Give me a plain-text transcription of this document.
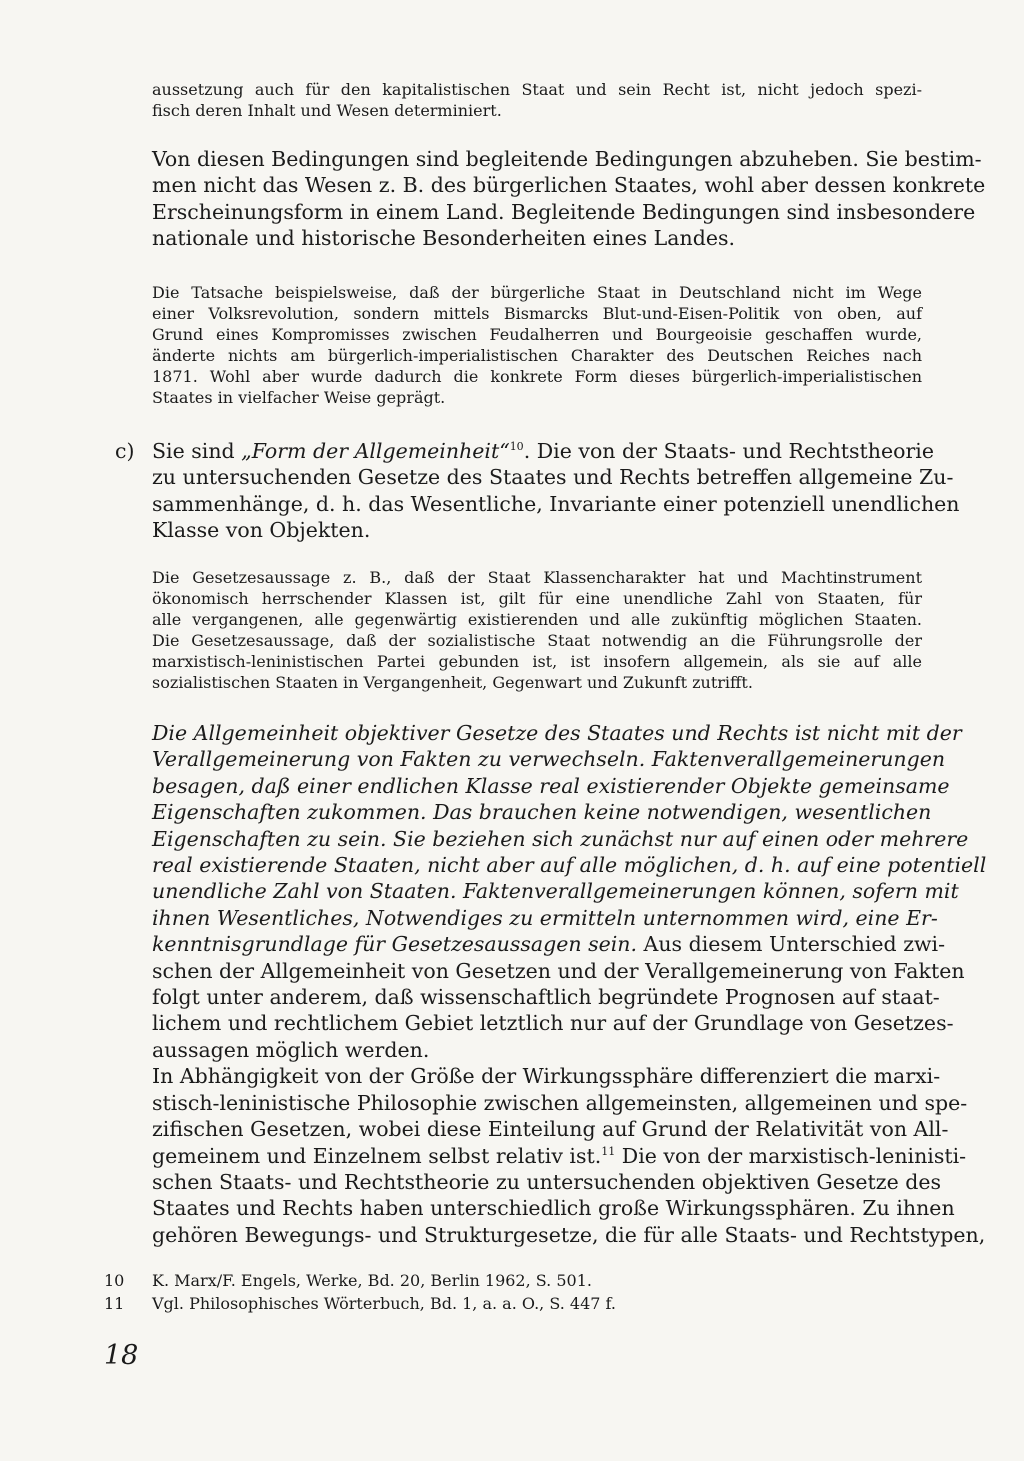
aussetzung auch für den kapitalistischen Staat und sein Recht ist, nicht jedoch spezi-
fisch deren Inhalt und Wesen determiniert.
Von diesen Bedingungen sind begleitende Bedingungen abzuheben. Sie bestim-
men nicht das Wesen z. B. des bürgerlichen Staates, wohl aber dessen konkrete
Erscheinungsform in einem Land. Begleitende Bedingungen sind insbesondere
nationale und historische Besonderheiten eines Landes.
Die Tatsache beispielsweise, daß der bürgerliche Staat in Deutschland nicht im Wege
einer Volksrevolution, sondern mittels Bismarcks Blut-und-Eisen-Politik von oben, auf
Grund eines Kompromisses zwischen Feudalherren und Bourgeoisie geschaffen wurde,
änderte nichts am bürgerlich-imperialistischen Charakter des Deutschen Reiches nach
1871. Wohl aber wurde dadurch die konkrete Form dieses bürgerlich-imperialistischen
Staates in vielfacher Weise geprägt.
c) Sie sind „Form der Allgemeinheit“$^{10}$. Die von der Staats- und Rechtstheorie
zu untersuchenden Gesetze des Staates und Rechts betreffen allgemeine Zu-
sammenhänge, d. h. das Wesentliche, Invariante einer potenziell unendlichen
Klasse von Objekten.
Die Gesetzesaussage z. B., daß der Staat Klassencharakter hat und Machtinstrument
ökonomisch herrschender Klassen ist, gilt für eine unendliche Zahl von Staaten, für
alle vergangenen, alle gegenwärtig existierenden und alle zukünftig möglichen Staaten.
Die Gesetzesaussage, daß der sozialistische Staat notwendig an die Führungsrolle der
marxistisch-leninistischen Partei gebunden ist, ist insofern allgemein, als sie auf alle
sozialistischen Staaten in Vergangenheit, Gegenwart und Zukunft zutrifft.
Die Allgemeinheit objektiver Gesetze des Staates und Rechts ist nicht mit der
Verallgemeinerung von Fakten zu verwechseln. Faktenverallgemeinerungen
besagen, daß einer endlichen Klasse real existierender Objekte gemeinsame
Eigenschaften zukommen. Das brauchen keine notwendigen, wesentlichen
Eigenschaften zu sein. Sie beziehen sich zunächst nur auf einen oder mehrere
real existierende Staaten, nicht aber auf alle möglichen, d. h. auf eine potentiell
unendliche Zahl von Staaten. Faktenverallgemeinerungen können, sofern mit
ihnen Wesentliches, Notwendiges zu ermitteln unternommen wird, eine Er-
kenntnisgrundlage für Gesetzesaussagen sein. Aus diesem Unterschied zwi-
schen der Allgemeinheit von Gesetzen und der Verallgemeinerung von Fakten
folgt unter anderem, daß wissenschaftlich begründete Prognosen auf staat-
lichem und rechtlichem Gebiet letztlich nur auf der Grundlage von Gesetzes-
aussagen möglich werden.
In Abhängigkeit von der Größe der Wirkungssphäre differenziert die marxi-
stisch-leninistische Philosophie zwischen allgemeinsten, allgemeinen und spe-
zifischen Gesetzen, wobei diese Einteilung auf Grund der Relativität von All-
gemeinem und Einzelnem selbst relativ ist.$^{11}$ Die von der marxistisch-leninisti-
schen Staats- und Rechtstheorie zu untersuchenden objektiven Gesetze des
Staates und Rechts haben unterschiedlich große Wirkungssphären. Zu ihnen
gehören Bewegungs- und Strukturgesetze, die für alle Staats- und Rechtstypen,
10 K. Marx/F. Engels, Werke, Bd. 20, Berlin 1962, S. 501.
11 Vgl. Philosophisches Wörterbuch, Bd. 1, a. a. O., S. 447 f.
18
